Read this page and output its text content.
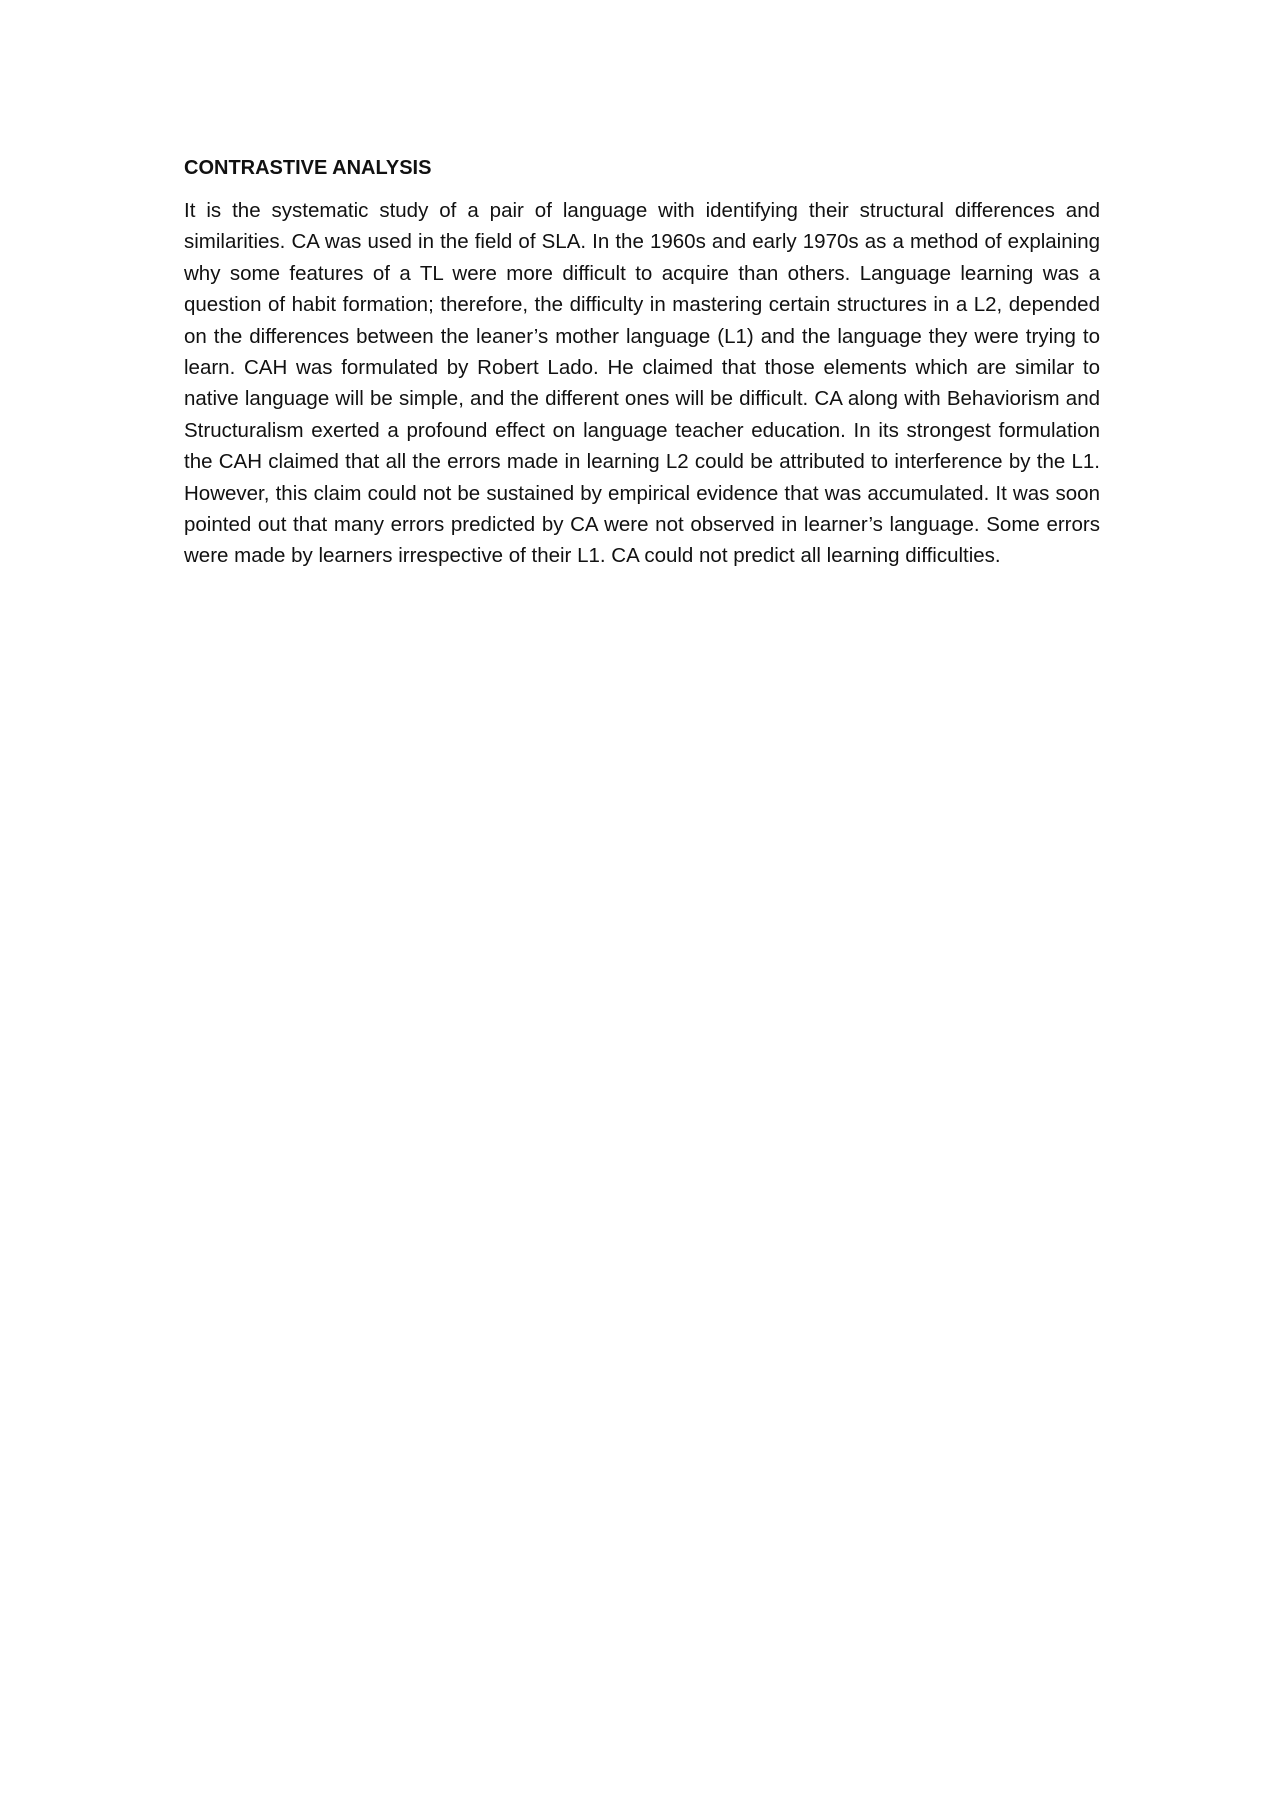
CONTRASTIVE ANALYSIS

It is the systematic study of a pair of language with identifying their structural differences and similarities. CA was used in the field of SLA. In the 1960s and early 1970s as a method of explaining why some features of a TL were more difficult to acquire than others. Language learning was a question of habit formation; therefore, the difficulty in mastering certain structures in a L2, depended on the differences between the leaner’s mother language (L1) and the language they were trying to learn. CAH was formulated by Robert Lado. He claimed that those elements which are similar to native language will be simple, and the different ones will be difficult. CA along with Behaviorism and Structuralism exerted a profound effect on language teacher education. In its strongest formulation the CAH claimed that all the errors made in learning L2 could be attributed to interference by the L1. However, this claim could not be sustained by empirical evidence that was accumulated. It was soon pointed out that many errors predicted by CA were not observed in learner’s language. Some errors were made by learners irrespective of their L1. CA could not predict all learning difficulties.
